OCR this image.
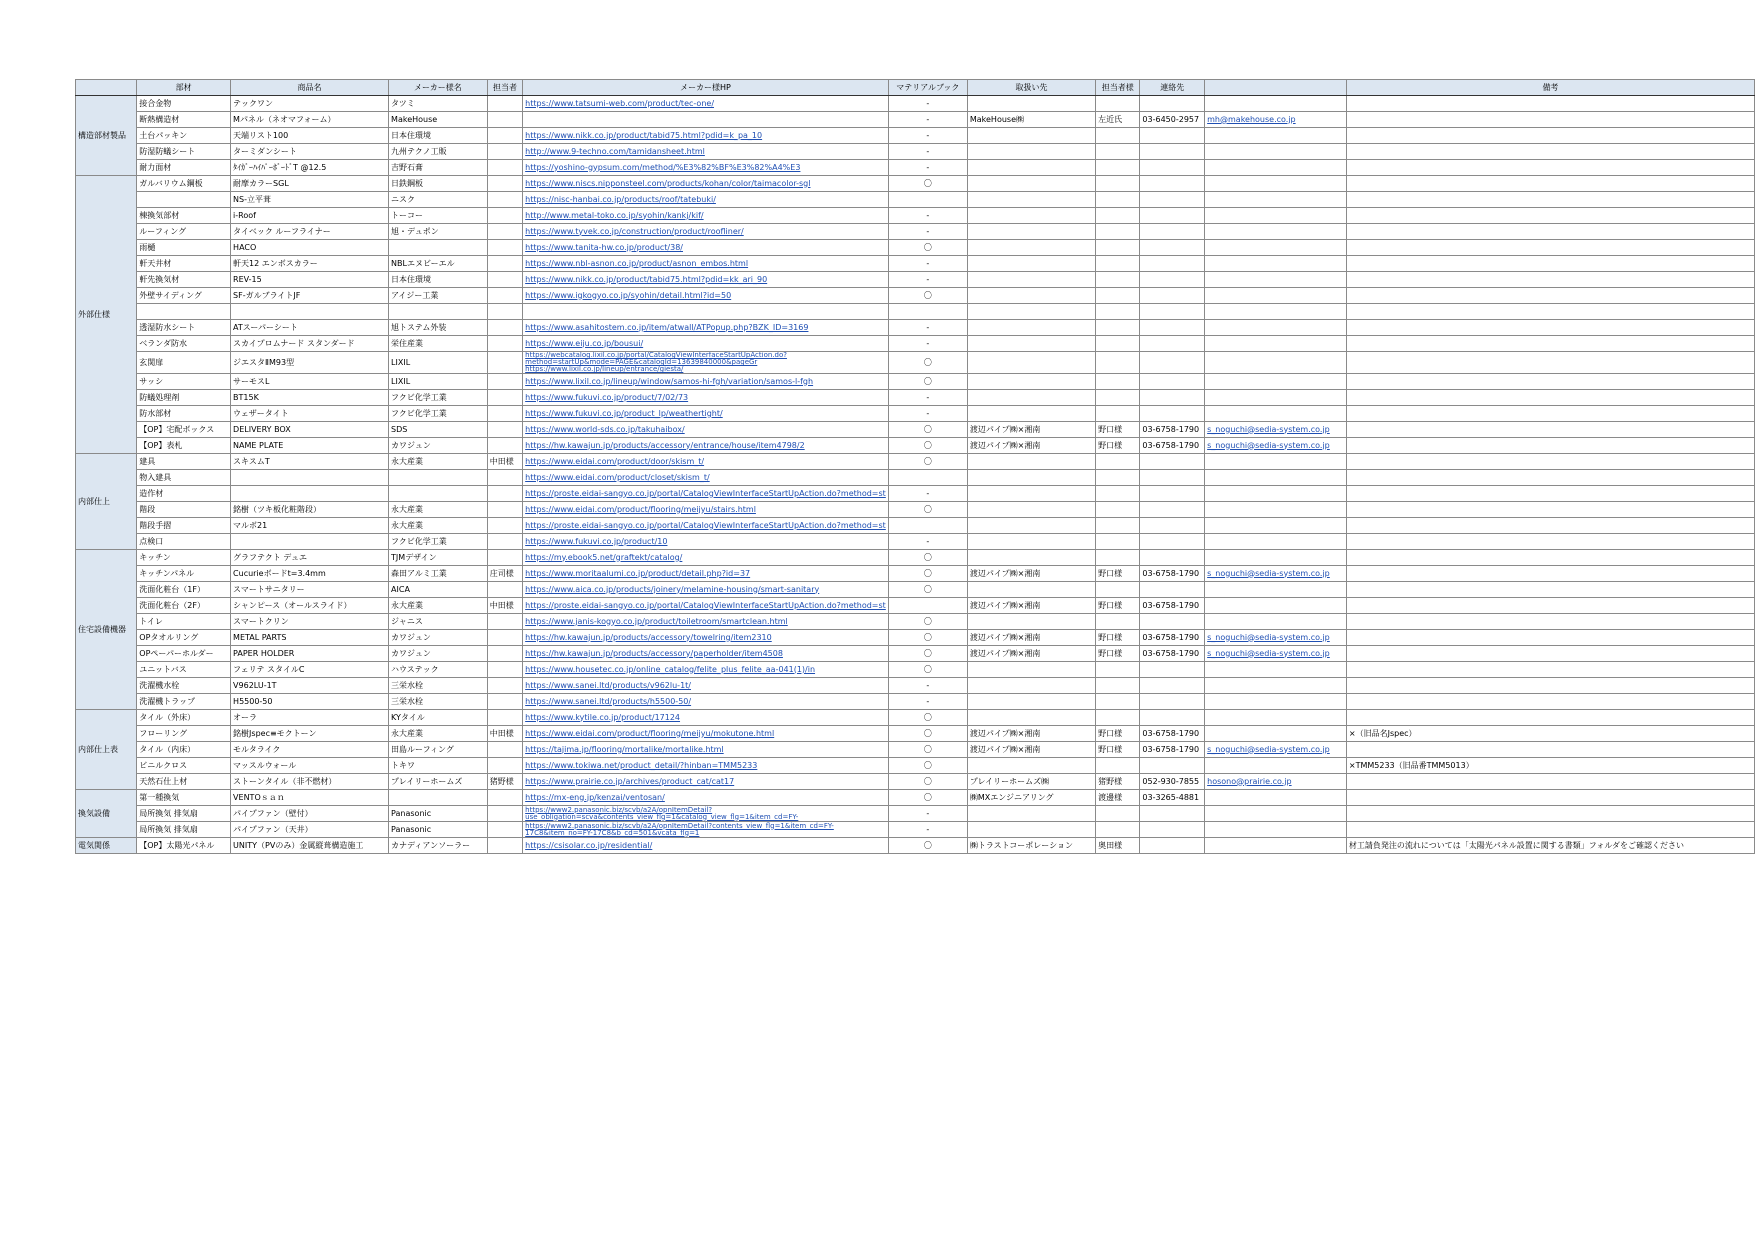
	部材	商品名	メーカー様名	担当者	メーカー様HP	マテリアルブック	取扱い先	担当者様	連絡先		備考
構造部材製品	接合金物	テックワン	タツミ		https://www.tatsumi-web.com/product/tec-one/	-					
	断熱構造材	Mパネル（ネオマフォーム）	MakeHouse			-	MakeHouse㈱	左近氏	03-6450-2957	mh@makehouse.co.jp	
	土台パッキン	天端リスト100	日本住環境		https://www.nikk.co.jp/product/tabid75.html?pdid=k_pa_10	-					
	防湿防蟻シート	ターミダンシート	九州テクノ工販		http://www.9-techno.com/tamidansheet.html	-					
	耐力面材	ﾀｲｶﾞｰﾊｲﾊﾟｰﾎﾞｰﾄﾞT @12.5	吉野石膏		https://yoshino-gypsum.com/method/%E3%82%BF%E3%82%A4%E3	-					
外部仕様	ガルバリウム鋼板	耐摩カラーSGL	日鉄鋼板		https://www.niscs.nipponsteel.com/products/kohan/color/taimacolor-sgl	〇					
		NS-立平葺	ニスク		https://nisc-hanbai.co.jp/products/roof/tatebuki/						
	棟換気部材	i-Roof	トーコー		http://www.metal-toko.co.jp/syohin/kankj/kif/	-					
	ルーフィング	タイベック ルーフライナー	旭・デュポン		https://www.tyvek.co.jp/construction/product/roofliner/	-					
	雨樋	HACO			https://www.tanita-hw.co.jp/product/38/	〇					
	軒天井材	軒天12 エンボスカラー	NBLエヌビーエル		https://www.nbl-asnon.co.jp/product/asnon_embos.html	-					
	軒先換気材	REV-15	日本住環境		https://www.nikk.co.jp/product/tabid75.html?pdid=kk_ari_90	-					
	外壁サイディング	SF-ガルブライトJF	アイジー工業		https://www.igkogyo.co.jp/syohin/detail.html?id=50	〇					

	透湿防水シート	ATスーパーシート	旭トステム外装		https://www.asahitostem.co.jp/item/atwall/ATPopup.php?BZK_ID=3169	-					
	ベランダ防水	スカイプロムナード スタンダード	栄住産業		https://www.eiju.co.jp/bousui/	-					
	玄関扉	ジエスタⅡM93型	LIXIL		https://webcatalog.lixil.co.jp/portal/CatalogViewInterfaceStartUpAction.do?method=startUp&mode=PAGE&catalogId=13639840000&pageGr https://www.lixil.co.jp/lineup/entrance/giesta/	〇					
	サッシ	サーモスL	LIXIL		https://www.lixil.co.jp/lineup/window/samos-hi-fgh/variation/samos-l-fgh	〇					
	防蟻処理剤	BT15K	フクビ化学工業		https://www.fukuvi.co.jp/product/7/02/73	-					
	防水部材	ウェザータイト	フクビ化学工業		https://www.fukuvi.co.jp/product_lp/weathertight/	-					
	【OP】宅配ボックス	DELIVERY BOX	SDS		https://www.world-sds.co.jp/takuhaibox/	〇	渡辺パイプ㈱×湘南	野口様	03-6758-1790	s_noguchi@sedia-system.co.jp	
	【OP】表札	NAME PLATE	カワジュン		https://hw.kawajun.jp/products/accessory/entrance/house/item4798/2	〇	渡辺パイプ㈱×湘南	野口様	03-6758-1790	s_noguchi@sedia-system.co.jp	
内部仕上	建具	スキスムT	永大産業	中田様	https://www.eidai.com/product/door/skism_t/	〇					
	物入建具				https://www.eidai.com/product/closet/skism_t/						
	造作材				https://proste.eidai-sangyo.co.jp/portal/CatalogViewInterfaceStartUpAction.do?method=st	-					
	階段	銘樹（ツキ板化粧階段）	永大産業		https://www.eidai.com/product/flooring/meijyu/stairs.html	〇					
	階段手摺	マルボ21	永大産業		https://proste.eidai-sangyo.co.jp/portal/CatalogViewInterfaceStartUpAction.do?method=st						
	点検口		フクビ化学工業		https://www.fukuvi.co.jp/product/10	-					
住宅設備機器	キッチン	グラフテクト デュエ	TJMデザイン		https://my.ebook5.net/graftekt/catalog/	〇					
	キッチンパネル	Cucurieボードt=3.4mm	森田アルミ工業	庄司様	https://www.moritaalumi.co.jp/product/detail.php?id=37	〇	渡辺パイプ㈱×湘南	野口様	03-6758-1790	s_noguchi@sedia-system.co.jp	
	洗面化粧台（1F）	スマートサニタリー	AICA		https://www.aica.co.jp/products/joinery/melamine-housing/smart-sanitary	〇					
	洗面化粧台（2F）	シャンピース（オールスライド）	永大産業	中田様	https://proste.eidai-sangyo.co.jp/portal/CatalogViewInterfaceStartUpAction.do?method=st		渡辺パイプ㈱×湘南	野口様	03-6758-1790		
	トイレ	スマートクリン	ジャニス		https://www.janis-kogyo.co.jp/product/toiletroom/smartclean.html	〇					
	OPタオルリング	METAL PARTS	カワジュン		https://hw.kawajun.jp/products/accessory/towelring/item2310	〇	渡辺パイプ㈱×湘南	野口様	03-6758-1790	s_noguchi@sedia-system.co.jp	
	OPペーパーホルダー	PAPER HOLDER	カワジュン		https://hw.kawajun.jp/products/accessory/paperholder/item4508	〇	渡辺パイプ㈱×湘南	野口様	03-6758-1790	s_noguchi@sedia-system.co.jp	
	ユニットバス	フェリテ スタイルC	ハウステック		https://www.housetec.co.jp/online_catalog/felite_plus_felite_aa-041(1)/in	〇					
	洗濯機水栓	V962LU-1T	三栄水栓		https://www.sanei.ltd/products/v962lu-1t/	-					
	洗濯機トラップ	H5500-50	三栄水栓		https://www.sanei.ltd/products/h5500-50/	-					
内部仕上表	タイル（外床）	オーラ	KYタイル		https://www.kytile.co.jp/product/17124	〇					
	フローリング	銘樹Jspec≡モクトーン	永大産業	中田様	https://www.eidai.com/product/flooring/meijyu/mokutone.html	〇	渡辺パイプ㈱×湘南	野口様	03-6758-1790		×（旧品名Jspec）
	タイル（内床）	モルタライク	田島ルーフィング		https://tajima.jp/flooring/mortalike/mortalike.html	〇	渡辺パイプ㈱×湘南	野口様	03-6758-1790	s_noguchi@sedia-system.co.jp	
	ビニルクロス	マッスルウォール	トキワ		https://www.tokiwa.net/product_detail/?hinban=TMM5233	〇					×TMM5233（旧品番TMM5013）
	天然石仕上材	ストーンタイル（非不燃材）	プレイリーホームズ	猪野様	https://www.prairie.co.jp/archives/product_cat/cat17	〇	プレイリーホームズ㈱	猪野様	052-930-7855	hosono@prairie.co.jp	
換気設備	第一種換気	VENTOｓａｎ			https://mx-eng.jp/kenzai/ventosan/	〇	㈱MXエンジニアリング	渡邊様	03-3265-4881		
	局所換気 排気扇	パイプファン（壁付）	Panasonic		https://www2.panasonic.biz/scvb/a2A/opnItemDetail?use_obligation=scva&contents_view_flg=1&catalog_view_flg=1&item_cd=FY-	-					
	局所換気 排気扇	パイプファン（天井）	Panasonic		https://www2.panasonic.biz/scvb/a2A/opnItemDetail?contents_view_flg=1&item_cd=FY-17C8&item_no=FY-17C8&b_cd=501&vcata_flg=1	-					
電気関係	【OP】太陽光パネル	UNITY（PVのみ）金属縦葺構造施工	カナディアンソーラー		https://csisolar.co.jp/residential/	〇	㈱トラストコーポレーション	奥田様			材工請負発注の流れについては「太陽光パネル設置に関する書類」フォルダをご確認ください
